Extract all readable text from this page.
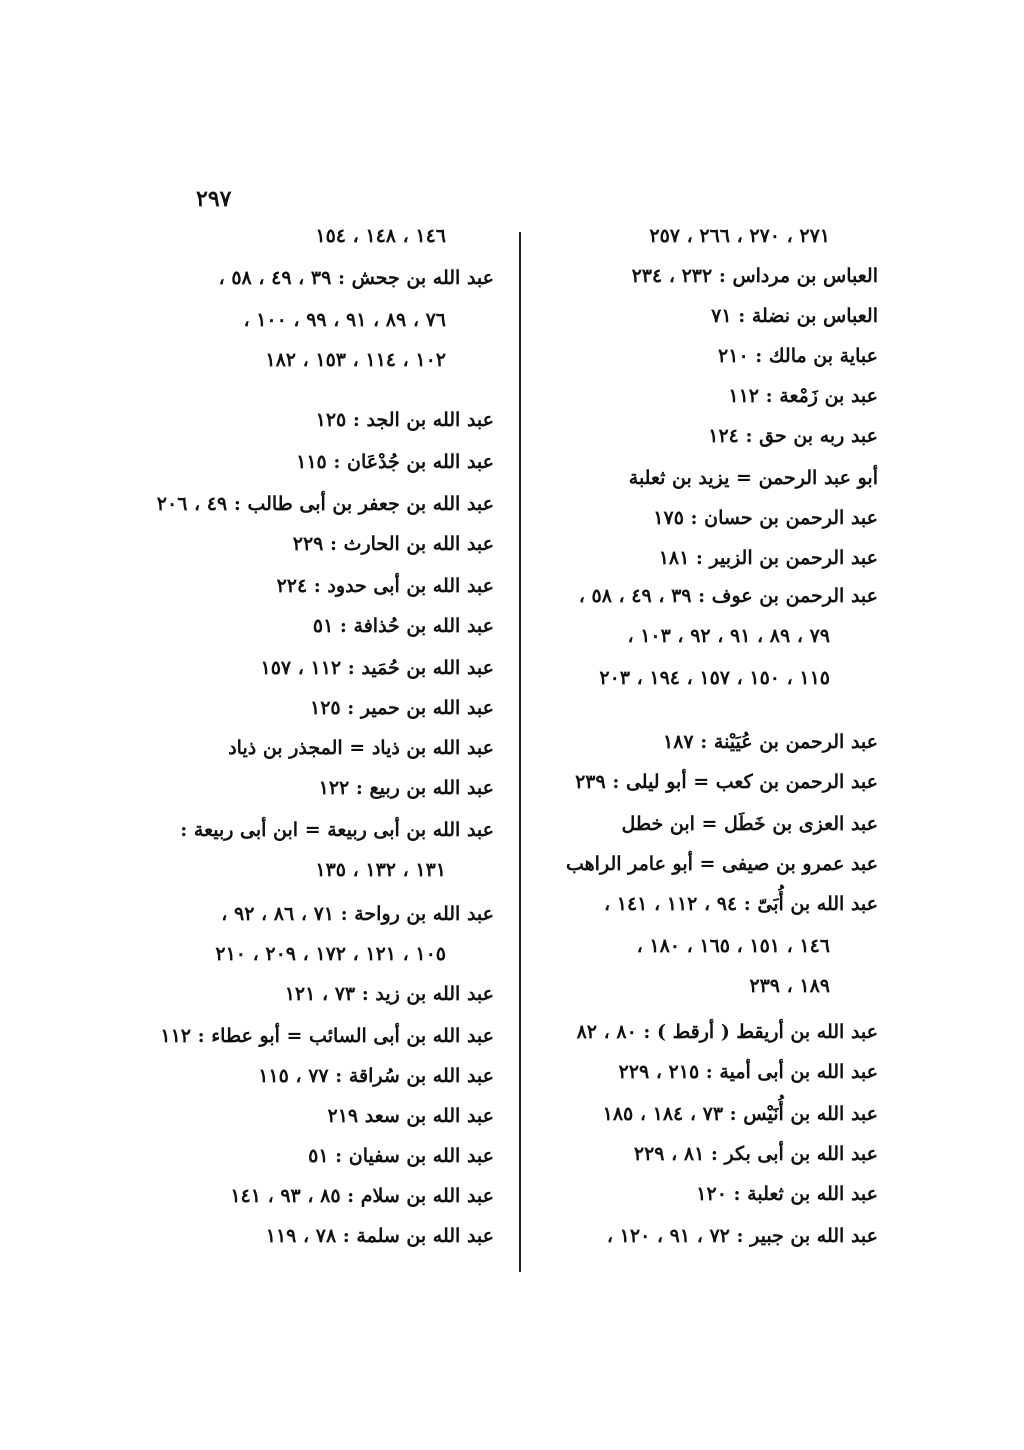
٢٩٧
٢٧١ ، ٢٧٠ ، ٢٦٦ ، ٢٥٧
العباس بن مرداس : ٢٣٢ ، ٢٣٤
العباس بن نضلة : ٧١
عباية بن مالك : ٢١٠
عبد بن زَمْعة : ١١٢
عبد ربه بن حق : ١٢٤
أبو عبد الرحمن = يزيد بن ثعلبة
عبد الرحمن بن حسان : ١٧٥
عبد الرحمن بن الزبير : ١٨١
عبد الرحمن بن عوف : ٣٩ ، ٤٩ ، ٥٨ ،
٧٩ ، ٨٩ ، ٩١ ، ٩٢ ، ١٠٣ ،
١١٥ ، ١٥٠ ، ١٥٧ ، ١٩٤ ، ٢٠٣
عبد الرحمن بن عُيَيْنة : ١٨٧
عبد الرحمن بن كعب = أبو ليلى : ٢٣٩
عبد العزى بن خَطَل = ابن خطل
عبد عمرو بن صيفى = أبو عامر الراهب
عبد الله بن أُبَىّ : ٩٤ ، ١١٢ ، ١٤١ ،
١٤٦ ، ١٥١ ، ١٦٥ ، ١٨٠ ،
١٨٩ ، ٢٣٩
عبد الله بن أريقط ( أرقط ) : ٨٠ ، ٨٢
عبد الله بن أبى أمية : ٢١٥ ، ٢٢٩
عبد الله بن أُنَيْس : ٧٣ ، ١٨٤ ، ١٨٥
عبد الله بن أبى بكر : ٨١ ، ٢٢٩
عبد الله بن ثعلبة : ١٢٠
عبد الله بن جبير : ٧٢ ، ٩١ ، ١٢٠ ،
١٤٦ ، ١٤٨ ، ١٥٤
عبد الله بن جحش : ٣٩ ، ٤٩ ، ٥٨ ،
٧٦ ، ٨٩ ، ٩١ ، ٩٩ ، ١٠٠ ،
١٠٢ ، ١١٤ ، ١٥٣ ، ١٨٢
عبد الله بن الجد : ١٢٥
عبد الله بن جُدْعَان : ١١٥
عبد الله بن جعفر بن أبى طالب : ٤٩ ، ٢٠٦
عبد الله بن الحارث : ٢٢٩
عبد الله بن أبى حدود : ٢٢٤
عبد الله بن حُذافة : ٥١
عبد الله بن حُمَيد : ١١٢ ، ١٥٧
عبد الله بن حمير : ١٢٥
عبد الله بن ذياد = المجذر بن ذياد
عبد الله بن ربيع : ١٢٢
عبد الله بن أبى ربيعة = ابن أبى ربيعة :
١٣١ ، ١٣٢ ، ١٣٥
عبد الله بن رواحة : ٧١ ، ٨٦ ، ٩٢ ،
١٠٥ ، ١٢١ ، ١٧٢ ، ٢٠٩ ، ٢١٠
عبد الله بن زيد : ٧٣ ، ١٢١
عبد الله بن أبى السائب = أبو عطاء : ١١٢
عبد الله بن سُراقة : ٧٧ ، ١١٥
عبد الله بن سعد ٢١٩
عبد الله بن سفيان : ٥١
عبد الله بن سلام : ٨٥ ، ٩٣ ، ١٤١
عبد الله بن سلمة : ٧٨ ، ١١٩
